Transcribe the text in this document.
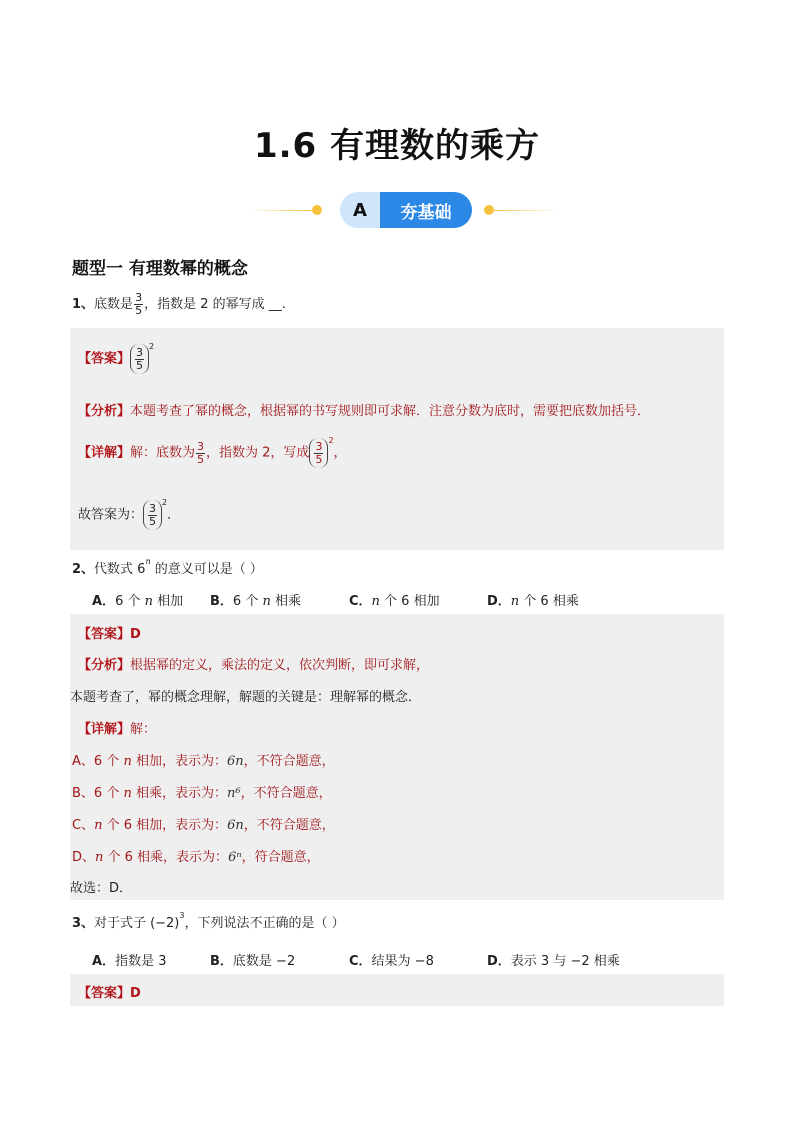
1.6 有理数的乘方
A	夯基础
题型一 有理数幂的概念
1、底数是 $\frac{3}{5}$ ，指数是 2 的幂写成 __.
【答案】 $\frac{3}{5} ^2$
【分析】本题考查了幂的概念，根据幂的书写规则即可求解．注意分数为底时，需要把底数加括号．
【详解】解：底数为 $\frac{3}{5}$ ，指数为 2，写成 $\frac{3}{5} ^2$，
故答案为： $\frac{3}{5} ^2$．
2、代数式 6$^n$ 的意义可以是（ ）
A．6 个 n 相加 B．6 个 n 相乘	C．n 个 6 相加	D．n 个 6 相乘
【答案】D
【分析】根据幂的定义，乘法的定义，依次判断，即可求解，
本题考查了，幂的概念理解，解题的关键是：理解幂的概念．
【详解】解：
A、6 个 n 相加，表示为：6n，不符合题意，
B、6 个 n 相乘，表示为：n⁶，不符合题意，
C、n 个 6 相加，表示为：6n，不符合题意，
D、n 个 6 相乘，表示为：6ⁿ，符合题意，
故选：D．
3、对于式子 $(-2)^3$，下列说法不正确的是（ ）
A．指数是 3	B．底数是 −2	C．结果为 −8	D．表示 3 与 −2 相乘
【答案】D
